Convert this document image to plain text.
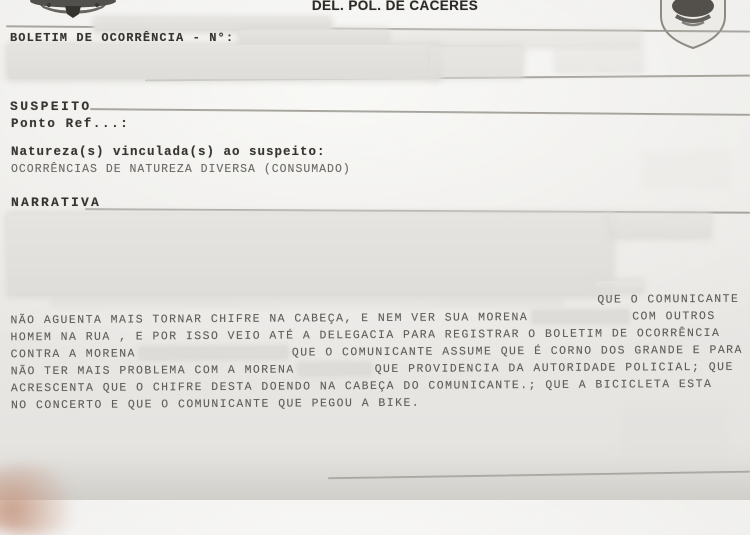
DEL. POL. DE CACERES
BOLETIM DE OCORRÊNCIA - N°:
SUSPEITO
Ponto Ref...:
Natureza(s) vinculada(s) ao suspeito:
OCORRÊNCIAS DE NATUREZA DIVERSA (CONSUMADO)
NARRATIVA
QUE O COMUNICANTE
NÃO AGUENTA MAIS TORNAR CHIFRE NA CABEÇA, E NEM VER SUA MORENA	COM OUTROS
HOMEM NA RUA , E POR ISSO VEIO ATÉ A DELEGACIA PARA REGISTRAR O BOLETIM DE OCORRÊNCIA
CONTRA A MORENA	QUE O COMUNICANTE ASSUME QUE É CORNO DOS GRANDE E PARA
NÃO TER MAIS PROBLEMA COM A MORENA	QUE PROVIDENCIA DA AUTORIDADE POLICIAL; QUE
ACRESCENTA QUE O CHIFRE DESTA DOENDO NA CABEÇA DO COMUNICANTE.; QUE A BICICLETA ESTA
NO CONCERTO E QUE O COMUNICANTE QUE PEGOU A BIKE.
